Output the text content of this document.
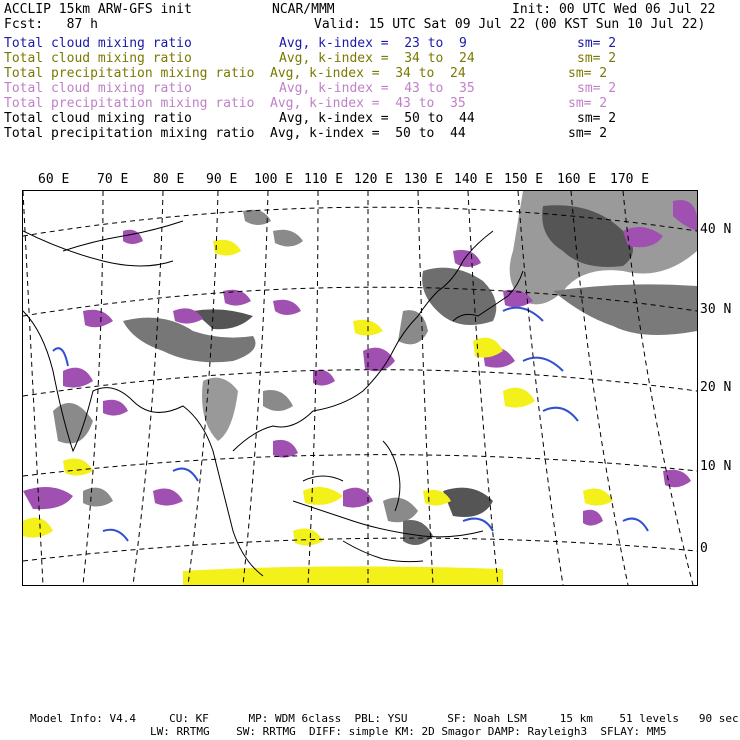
ACCLIP 15km ARW-GFS init	NCAR/MMM	Init: 00 UTC Wed 06 Jul 22
Fcst:   87 h	Valid: 15 UTC Sat 09 Jul 22 (00 KST Sun 10 Jul 22)
Total cloud mixing ratio	Avg, k-index =  23 to  9	sm= 2
Total cloud mixing ratio	Avg, k-index =  34 to  24	sm= 2
Total precipitation mixing ratio Avg, k-index =  34 to  24	sm= 2
Total cloud mixing ratio	Avg, k-index =  43 to  35	sm= 2
Total precipitation mixing ratio Avg, k-index =  43 to  35	sm= 2
Total cloud mixing ratio	Avg, k-index =  50 to  44	sm= 2
Total precipitation mixing ratio Avg, k-index =  50 to  44	sm= 2
60 E 70 E 80 E 90 E 100 E 110 E 120 E 130 E 140 E 150 E 160 E 170 E
40 N
30 N
20 N
10 N
0
Model Info: V4.4     CU: KF      MP: WDM 6class  PBL: YSU      SF: Noah LSM     15 km    51 levels   90 sec
LW: RRTMG    SW: RRTMG  DIFF: simple KM: 2D Smagor DAMP: Rayleigh3  SFLAY: MM5
